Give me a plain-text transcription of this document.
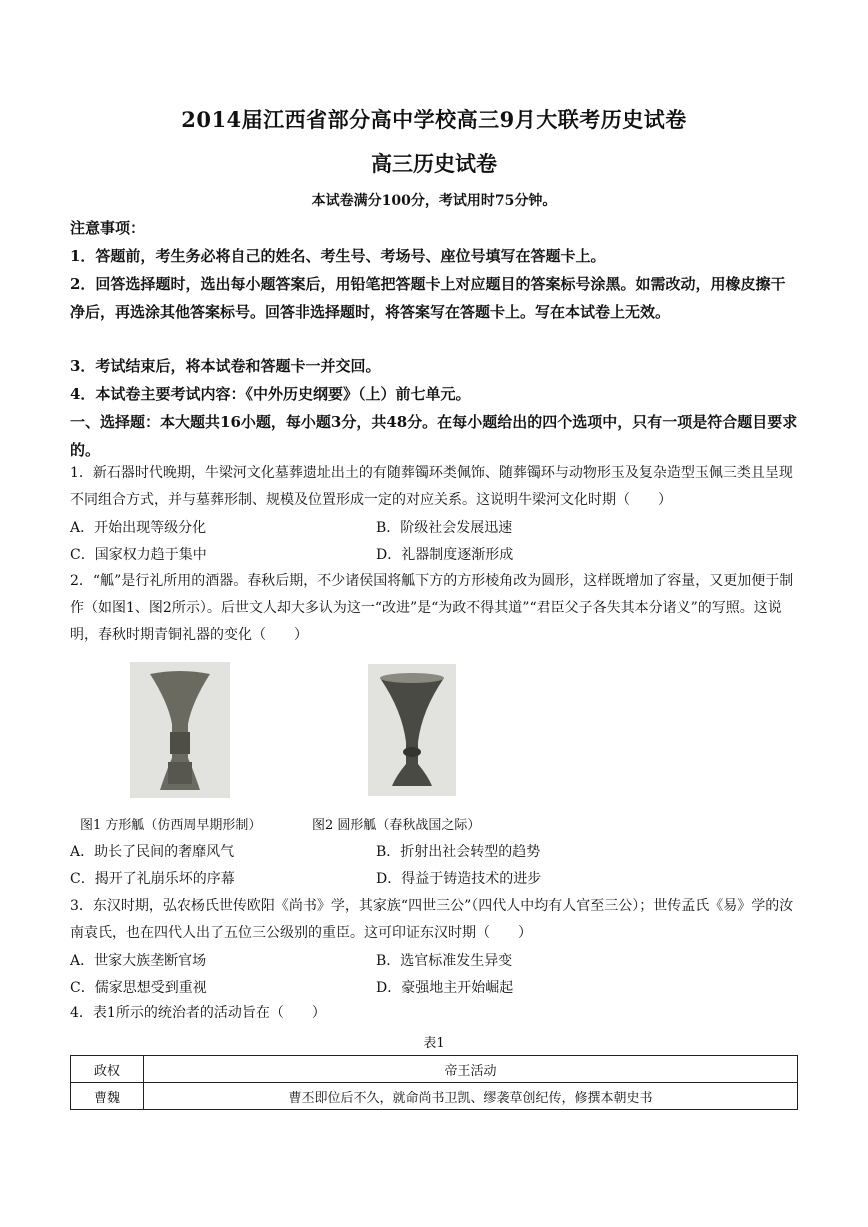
2014届江西省部分高中学校高三9月大联考历史试卷
高三历史试卷
本试卷满分100分，考试用时75分钟。
注意事项：
1．答题前，考生务必将自己的姓名、考生号、考场号、座位号填写在答题卡上。
2．回答选择题时，选出每小题答案后，用铅笔把答题卡上对应题目的答案标号涂黑。如需改动，用橡皮擦干净后，再选涂其他答案标号。回答非选择题时，将答案写在答题卡上。写在本试卷上无效。
3．考试结束后，将本试卷和答题卡一并交回。
4．本试卷主要考试内容：《中外历史纲要》（上）前七单元。
一、选择题：本大题共16小题，每小题3分，共48分。在每小题给出的四个选项中，只有一项是符合题目要求的。
1．新石器时代晚期，牛梁河文化墓葬遗址出土的有随葬镯环类佩饰、随葬镯环与动物形玉及复杂造型玉佩三类且呈现不同组合方式，并与墓葬形制、规模及位置形成一定的对应关系。这说明牛梁河文化时期（　　）
A．开始出现等级分化	B．阶级社会发展迅速
C．国家权力趋于集中	D．礼器制度逐渐形成
2．“觚”是行礼所用的酒器。春秋后期，不少诸侯国将觚下方的方形棱角改为圆形，这样既增加了容量，又更加便于制作（如图1、图2所示）。后世文人却大多认为这一“改进”是“为政不得其道”“君臣父子各失其本分诸义”的写照。这说明，春秋时期青铜礼器的变化（　　）
图1 方形觚（仿西周早期形制）	图2 圆形觚（春秋战国之际）
A．助长了民间的奢靡风气	B．折射出社会转型的趋势
C．揭开了礼崩乐坏的序幕	D．得益于铸造技术的进步
3．东汉时期，弘农杨氏世传欧阳《尚书》学，其家族“四世三公”（四代人中均有人官至三公）；世传孟氏《易》学的汝南袁氏，也在四代人出了五位三公级别的重臣。这可印证东汉时期（　　）
A．世家大族垄断官场	B．选官标准发生异变
C．儒家思想受到重视	D．豪强地主开始崛起
4．表1所示的统治者的活动旨在（　　）
表1
政权	帝王活动
曹魏	曹丕即位后不久，就命尚书卫凯、缪袭草创纪传，修撰本朝史书
